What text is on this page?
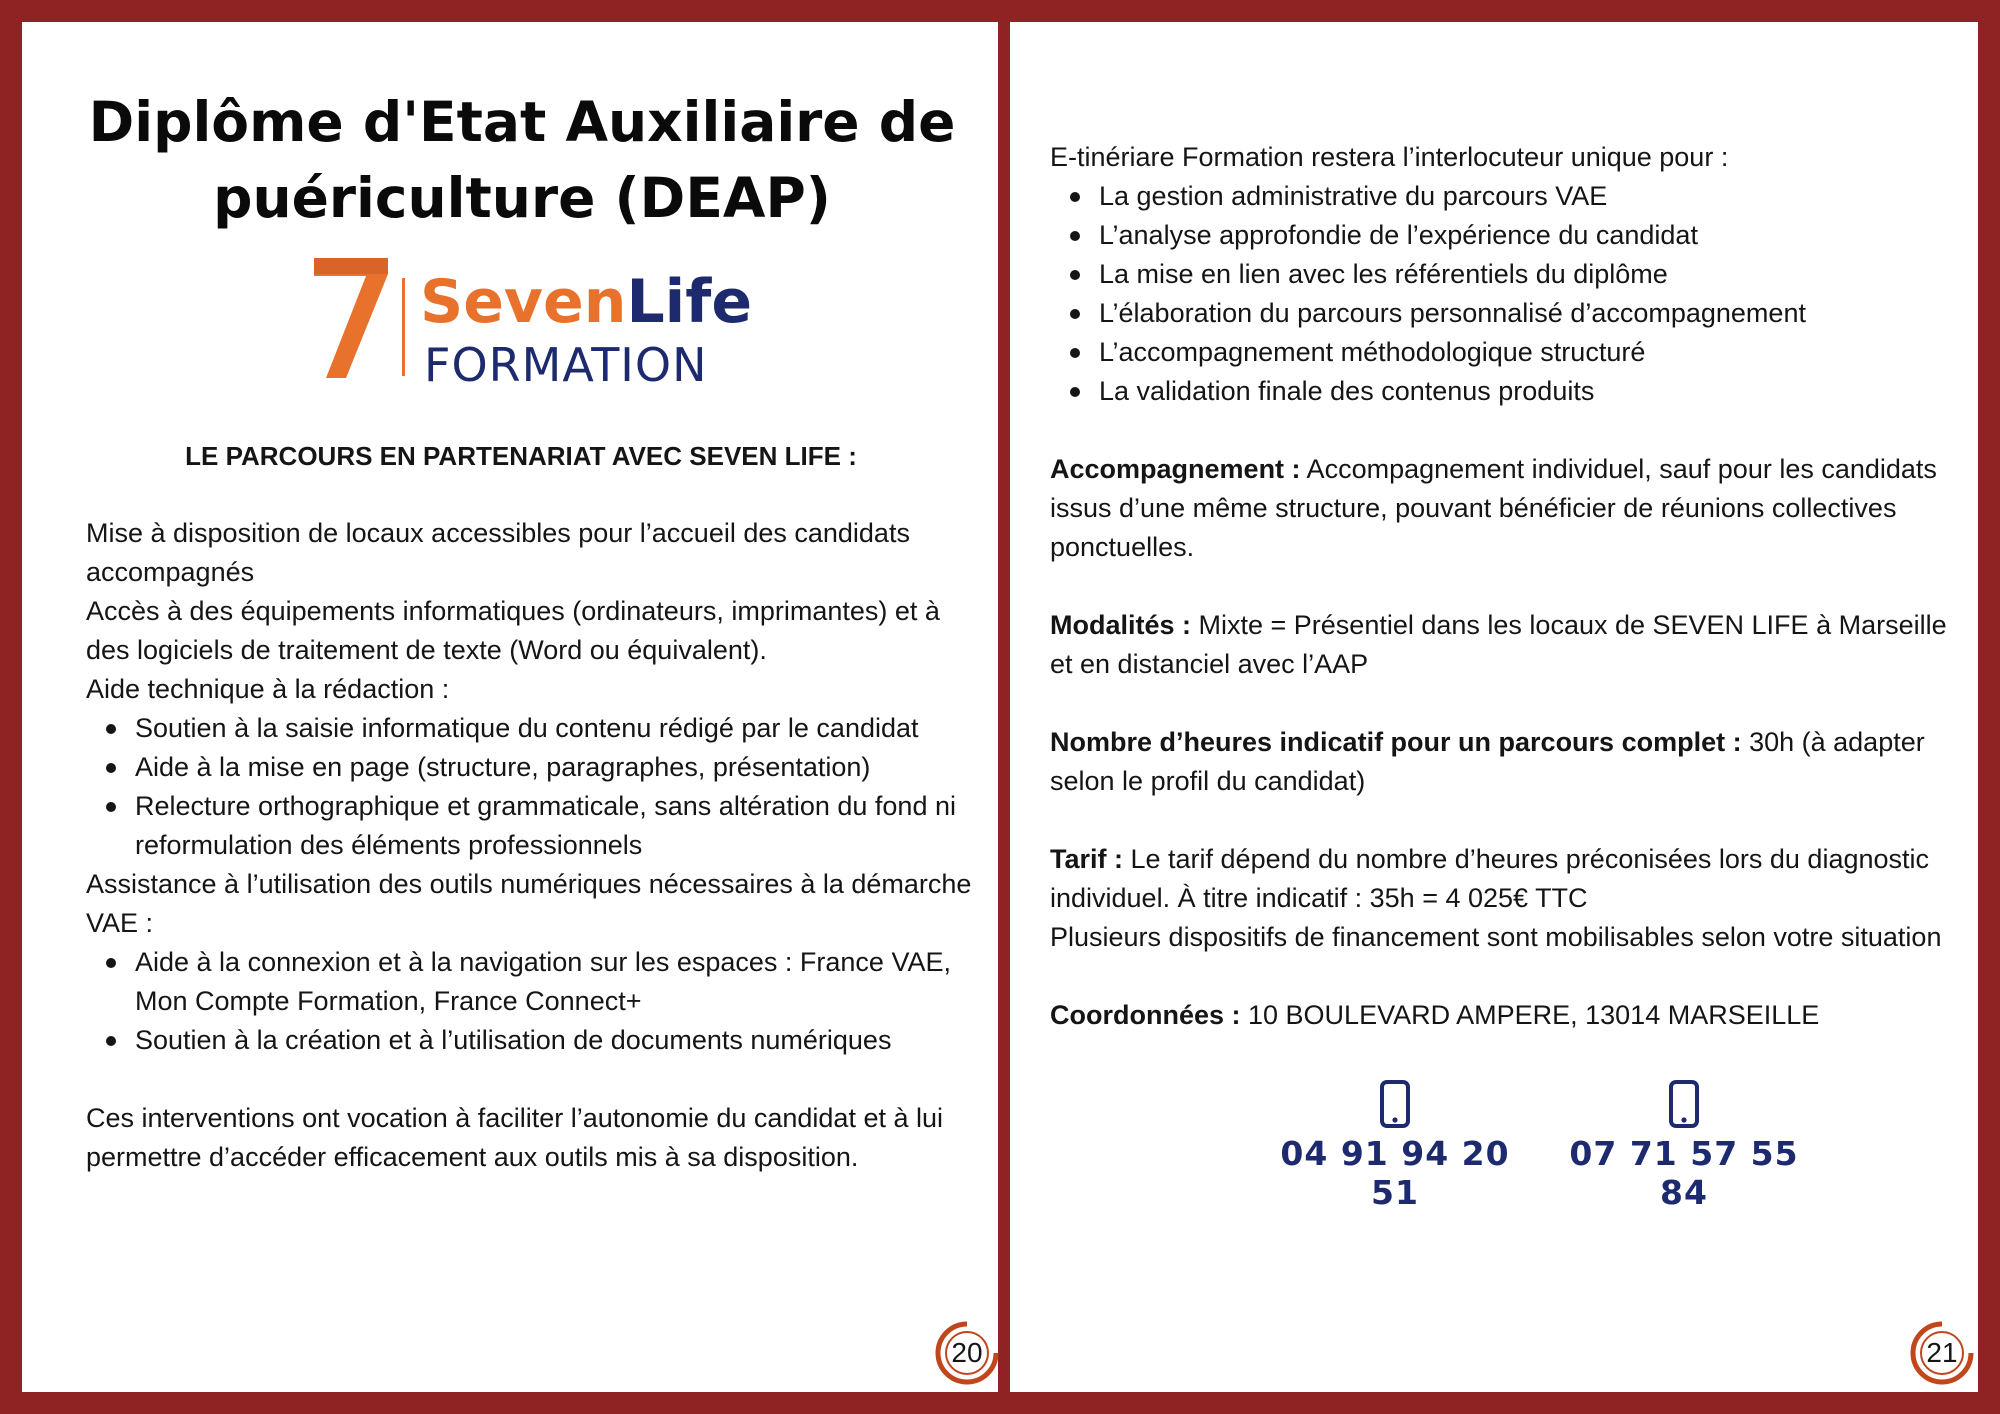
Diplôme d'Etat Auxiliaire de
puériculture (DEAP)
SevenLife
FORMATION
LE PARCOURS EN PARTENARIAT AVEC SEVEN LIFE :

Mise à disposition de locaux accessibles pour l’accueil des candidats accompagnés

Accès à des équipements informatiques (ordinateurs, imprimantes) et à des logiciels de traitement de texte (Word ou équivalent).

Aide technique à la rédaction :

Soutien à la saisie informatique du contenu rédigé par le candidat
Aide à la mise en page (structure, paragraphes, présentation)
Relecture orthographique et grammaticale, sans altération du fond ni reformulation des éléments professionnels

Assistance à l’utilisation des outils numériques nécessaires à la démarche VAE :

Aide à la connexion et à la navigation sur les espaces : France VAE, Mon Compte Formation, France Connect+
Soutien à la création et à l’utilisation de documents numériques

Ces interventions ont vocation à faciliter l’autonomie du candidat et à lui permettre d’accéder efficacement aux outils mis à sa disposition.

20

E-tinériare Formation restera l’interlocuteur unique pour :

La gestion administrative du parcours VAE
L’analyse approfondie de l’expérience du candidat
La mise en lien avec les référentiels du diplôme
L’élaboration du parcours personnalisé d’accompagnement
L’accompagnement méthodologique structuré
La validation finale des contenus produits

Accompagnement : Accompagnement individuel, sauf pour les candidats issus d’une même structure, pouvant bénéficier de réunions collectives ponctuelles.

Modalités : Mixte = Présentiel dans les locaux de SEVEN LIFE à Marseille et en distanciel avec l’AAP

Nombre d’heures indicatif pour un parcours complet : 30h (à adapter selon le profil du candidat)

Tarif : Le tarif dépend du nombre d’heures préconisées lors du diagnostic individuel. À titre indicatif : 35h = 4 025€ TTC

Plusieurs dispositifs de financement sont mobilisables selon votre situation

Coordonnées : 10 BOULEVARD AMPERE, 13014 MARSEILLE

04 91 94 20 51
07 71 57 55 84
21
